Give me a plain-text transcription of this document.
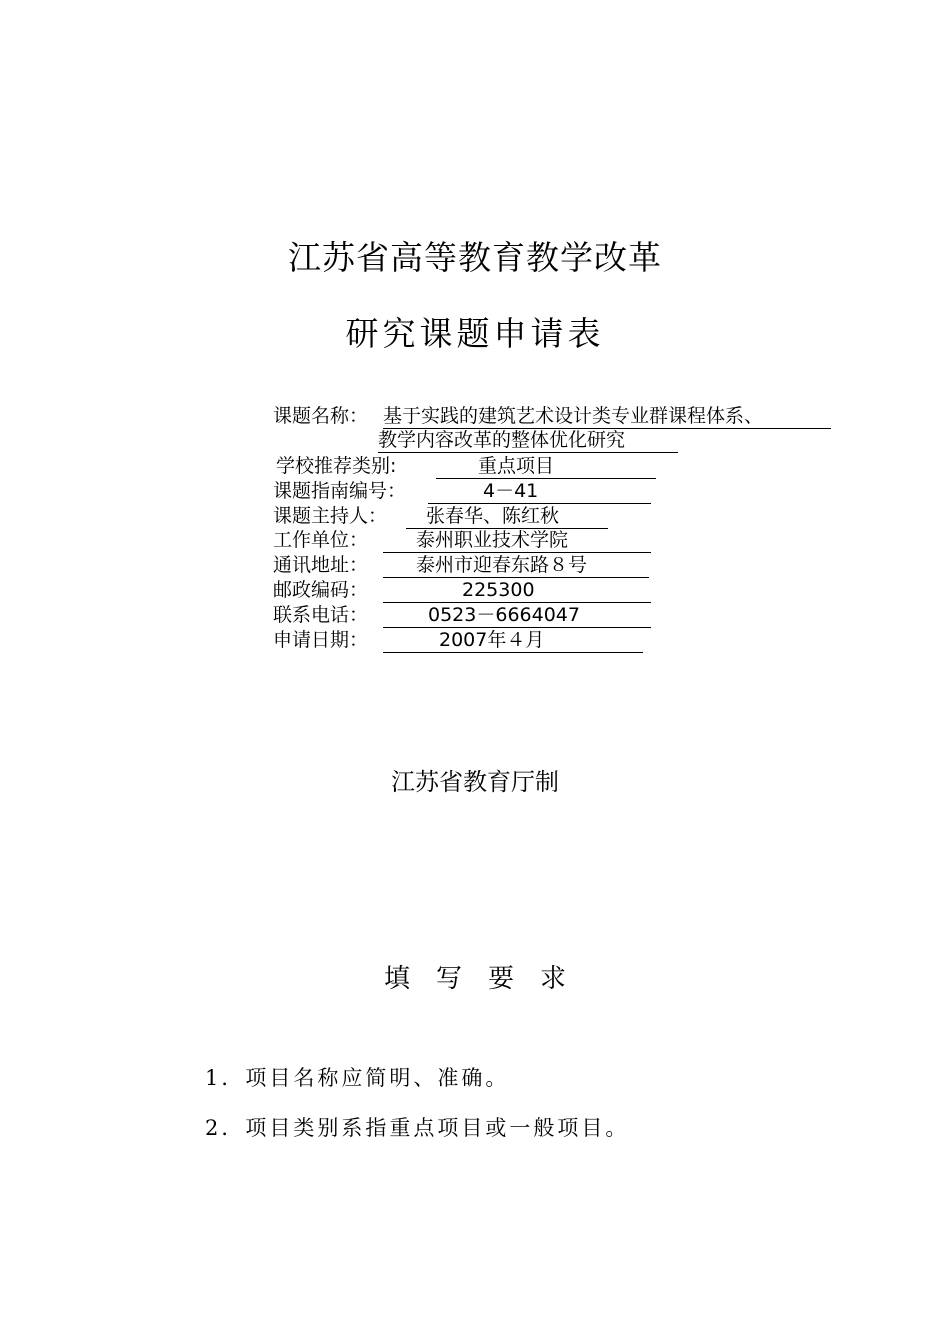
江苏省高等教育教学改革
研究课题申请表
课题名称： 基于实践的建筑艺术设计类专业群课程体系、
教学内容改革的整体优化研究
学校推荐类别:	重点项目
课题指南编号：	4－41
课题主持人：	张春华、陈红秋
工作单位：	泰州职业技术学院
通讯地址：	泰州市迎春东路８号
邮政编码：	225300
联系电话：	0523－6664047
申请日期：	2007年４月
江苏省教育厅制
填写要求
1．项目名称应简明、准确。
2．项目类别系指重点项目或一般项目。
